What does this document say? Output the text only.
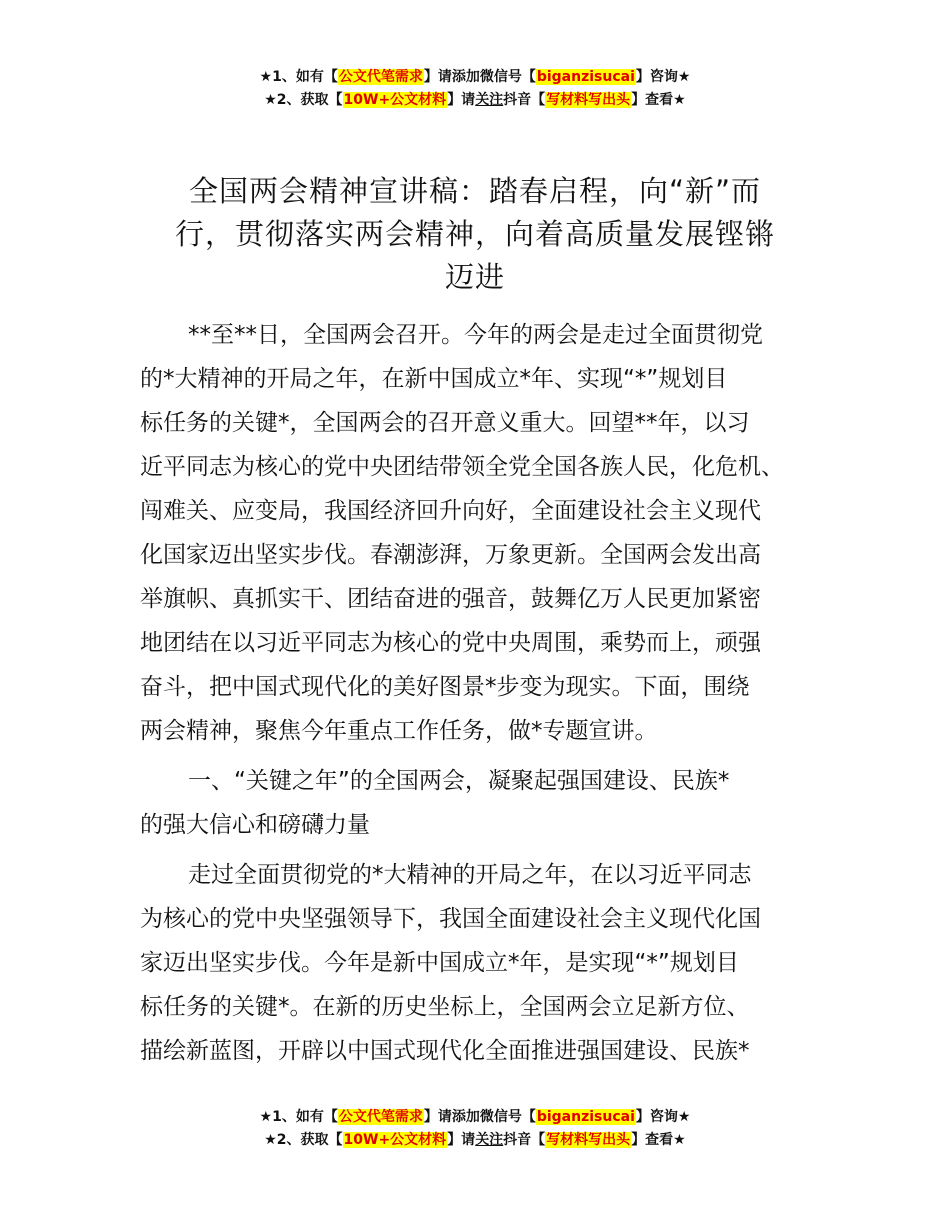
★1、如有【公文代笔需求】请添加微信号【biganzisucai】咨询★
★2、获取【10W+公文材料】请关注抖音【写材料写出头】查看★
全国两会精神宣讲稿：踏春启程，向“新”而
行，贯彻落实两会精神，向着高质量发展铿锵
迈进

**至**日，全国两会召开。今年的两会是走过全面贯彻党
的*大精神的开局之年，在新中国成立*年、实现“*”规划目
标任务的关键*，全国两会的召开意义重大。回望**年，以习
近平同志为核心的党中央团结带领全党全国各族人民，化危机、
闯难关、应变局，我国经济回升向好，全面建设社会主义现代
化国家迈出坚实步伐。春潮澎湃，万象更新。全国两会发出高
举旗帜、真抓实干、团结奋进的强音，鼓舞亿万人民更加紧密
地团结在以习近平同志为核心的党中央周围，乘势而上，顽强
奋斗，把中国式现代化的美好图景*步变为现实。下面，围绕
两会精神，聚焦今年重点工作任务，做*专题宣讲。

一、“关键之年”的全国两会，凝聚起强国建设、民族*
的强大信心和磅礴力量

走过全面贯彻党的*大精神的开局之年，在以习近平同志
为核心的党中央坚强领导下，我国全面建设社会主义现代化国
家迈出坚实步伐。今年是新中国成立*年，是实现“*”规划目
标任务的关键*。在新的历史坐标上，全国两会立足新方位、
描绘新蓝图，开辟以中国式现代化全面推进强国建设、民族*

★1、如有【公文代笔需求】请添加微信号【biganzisucai】咨询★
★2、获取【10W+公文材料】请关注抖音【写材料写出头】查看★
